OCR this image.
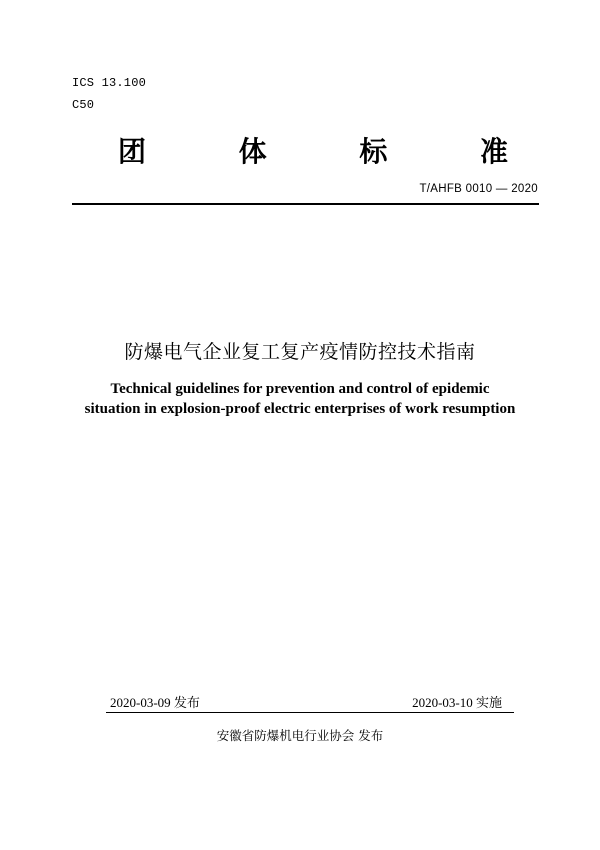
ICS 13.100
C50
团	体	标	准
T/AHFB 0010 — 2020
防爆电气企业复工复产疫情防控技术指南
Technical guidelines for prevention and control of epidemic
situation in explosion-proof electric enterprises of work resumption
2020-03-09 发布	2020-03-10 实施
安徽省防爆机电行业协会 发布
